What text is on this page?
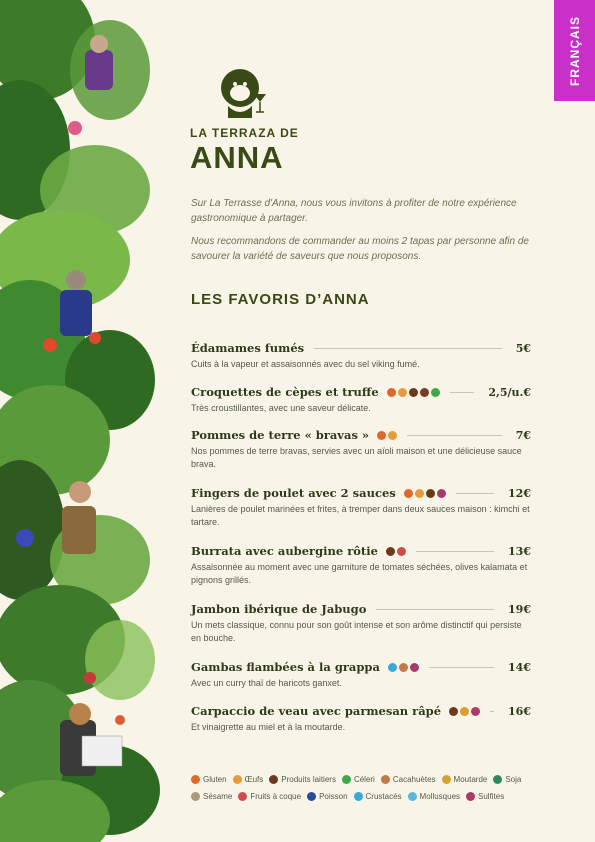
FRANÇAIS
LA TERRAZA DE
ANNA

Sur La Terrasse d'Anna, nous vous invitons à profiter de notre expérience gastronomique à partager.

Nous recommandons de commander au moins 2 tapas par personne afin de savourer la variété de saveurs que nous proposons.

LES FAVORIS D’ANNA
Édamames fumés	5€
Cuits à la vapeur et assaisonnés avec du sel viking fumé.
Croquettes de cèpes et truffe	2,5/u.€
Très croustillantes, avec une saveur délicate.
Pommes de terre « bravas »	7€
Nos pommes de terre bravas, servies avec un aïoli maison et une délicieuse sauce brava.
Fingers de poulet avec 2 sauces	12€
Lanières de poulet marinées et frites, à tremper dans deux sauces maison : kimchi et tartare.
Burrata avec aubergine rôtie	13€
Assaisonnée au moment avec une garniture de tomates séchées, olives kalamata et pignons grillés.
Jambon ibérique de Jabugo	19€
Un mets classique, connu pour son goût intense et son arôme distinctif qui persiste en bouche.
Gambas flambées à la grappa	14€
Avec un curry thaï de haricots ganxet.
Carpaccio de veau avec parmesan râpé	16€
Et vinaigrette au miel et à la moutarde.
Gluten Œufs Produits laitiers Céleri Cacahuètes Moutarde Soja
Sésame Fruits à coque Poisson Crustacés Mollusques Sulfites
